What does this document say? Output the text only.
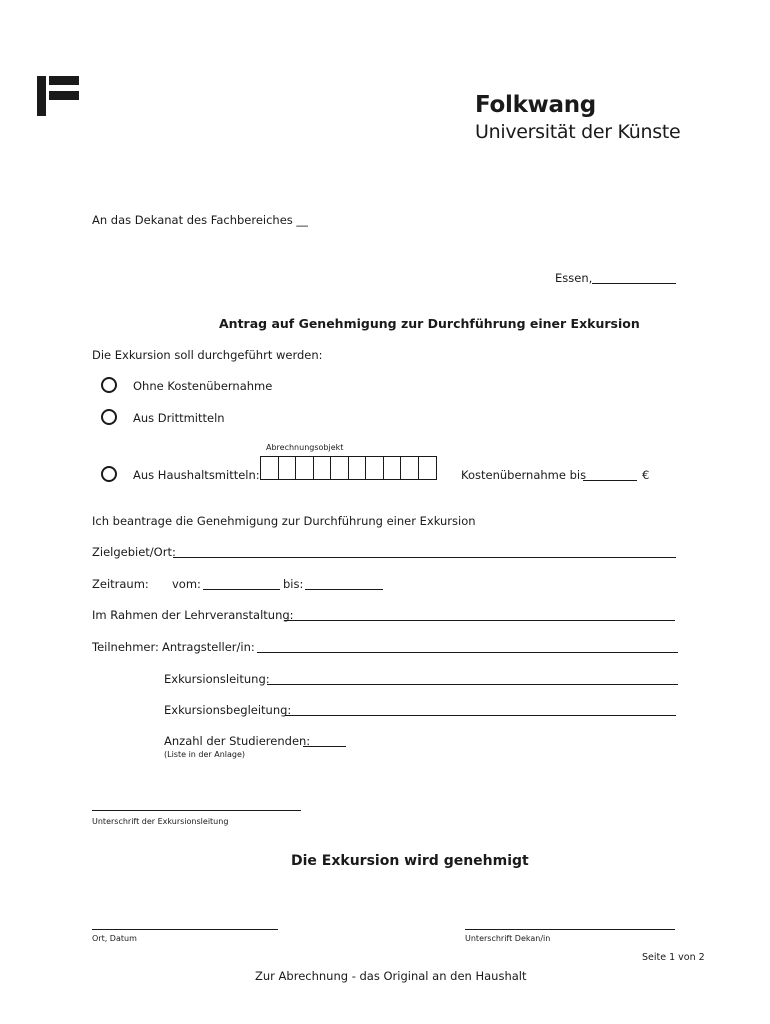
Folkwang
Universität der Künste
An das Dekanat des Fachbereiches __
Essen,
Antrag auf Genehmigung zur Durchführung einer Exkursion
Die Exkursion soll durchgeführt werden:
Ohne Kostenübernahme
Aus Drittmitteln
Abrechnungsobjekt
Aus Haushaltsmitteln:	Kostenübernahme bis	€
Ich beantrage die Genehmigung zur Durchführung einer Exkursion
Zielgebiet/Ort:
Zeitraum: vom:	bis:
Im Rahmen der Lehrveranstaltung:
Teilnehmer: Antragsteller/in:
Exkursionsleitung:
Exkursionsbegleitung:
Anzahl der Studierenden:
(Liste in der Anlage)
Unterschrift der Exkursionsleitung
Die Exkursion wird genehmigt
Ort, Datum	Unterschrift Dekan/in
Seite 1 von 2
Zur Abrechnung - das Original an den Haushalt
